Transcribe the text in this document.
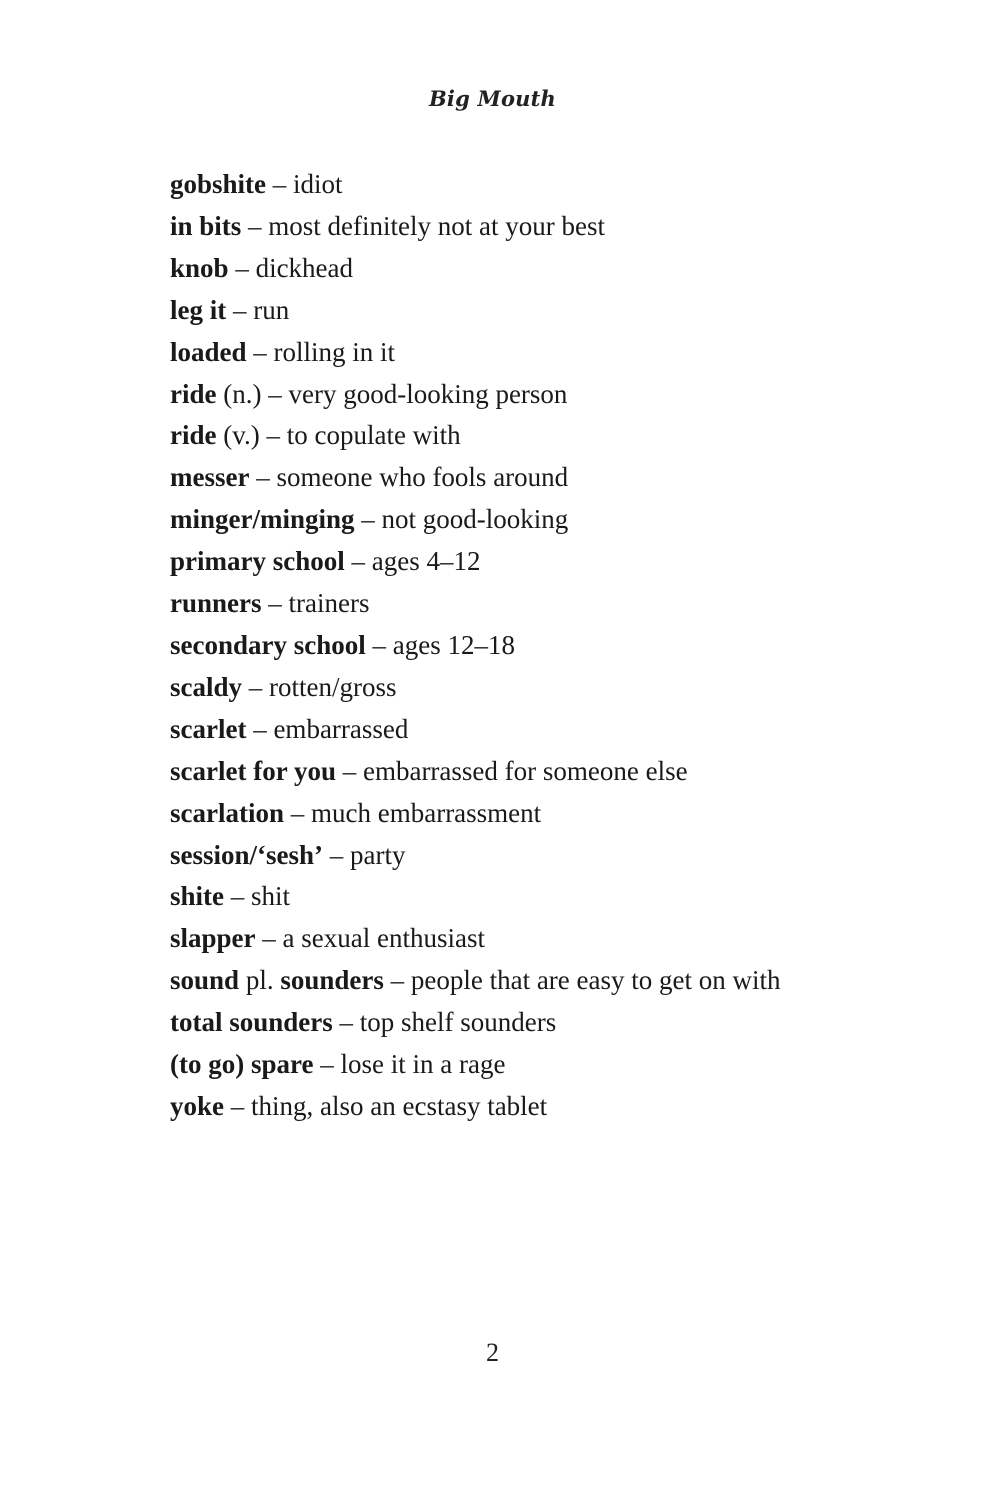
Big Mouth
gobshite – idiot
in bits – most definitely not at your best
knob – dickhead
leg it – run
loaded – rolling in it
ride (n.) – very good-looking person
ride (v.) – to copulate with
messer – someone who fools around
minger/minging – not good-looking
primary school – ages 4–12
runners – trainers
secondary school – ages 12–18
scaldy – rotten/gross
scarlet – embarrassed
scarlet for you – embarrassed for someone else
scarlation – much embarrassment
session/‘sesh’ – party
shite – shit
slapper – a sexual enthusiast
sound pl. sounders – people that are easy to get on with
total sounders – top shelf sounders
(to go) spare – lose it in a rage
yoke – thing, also an ecstasy tablet
2
